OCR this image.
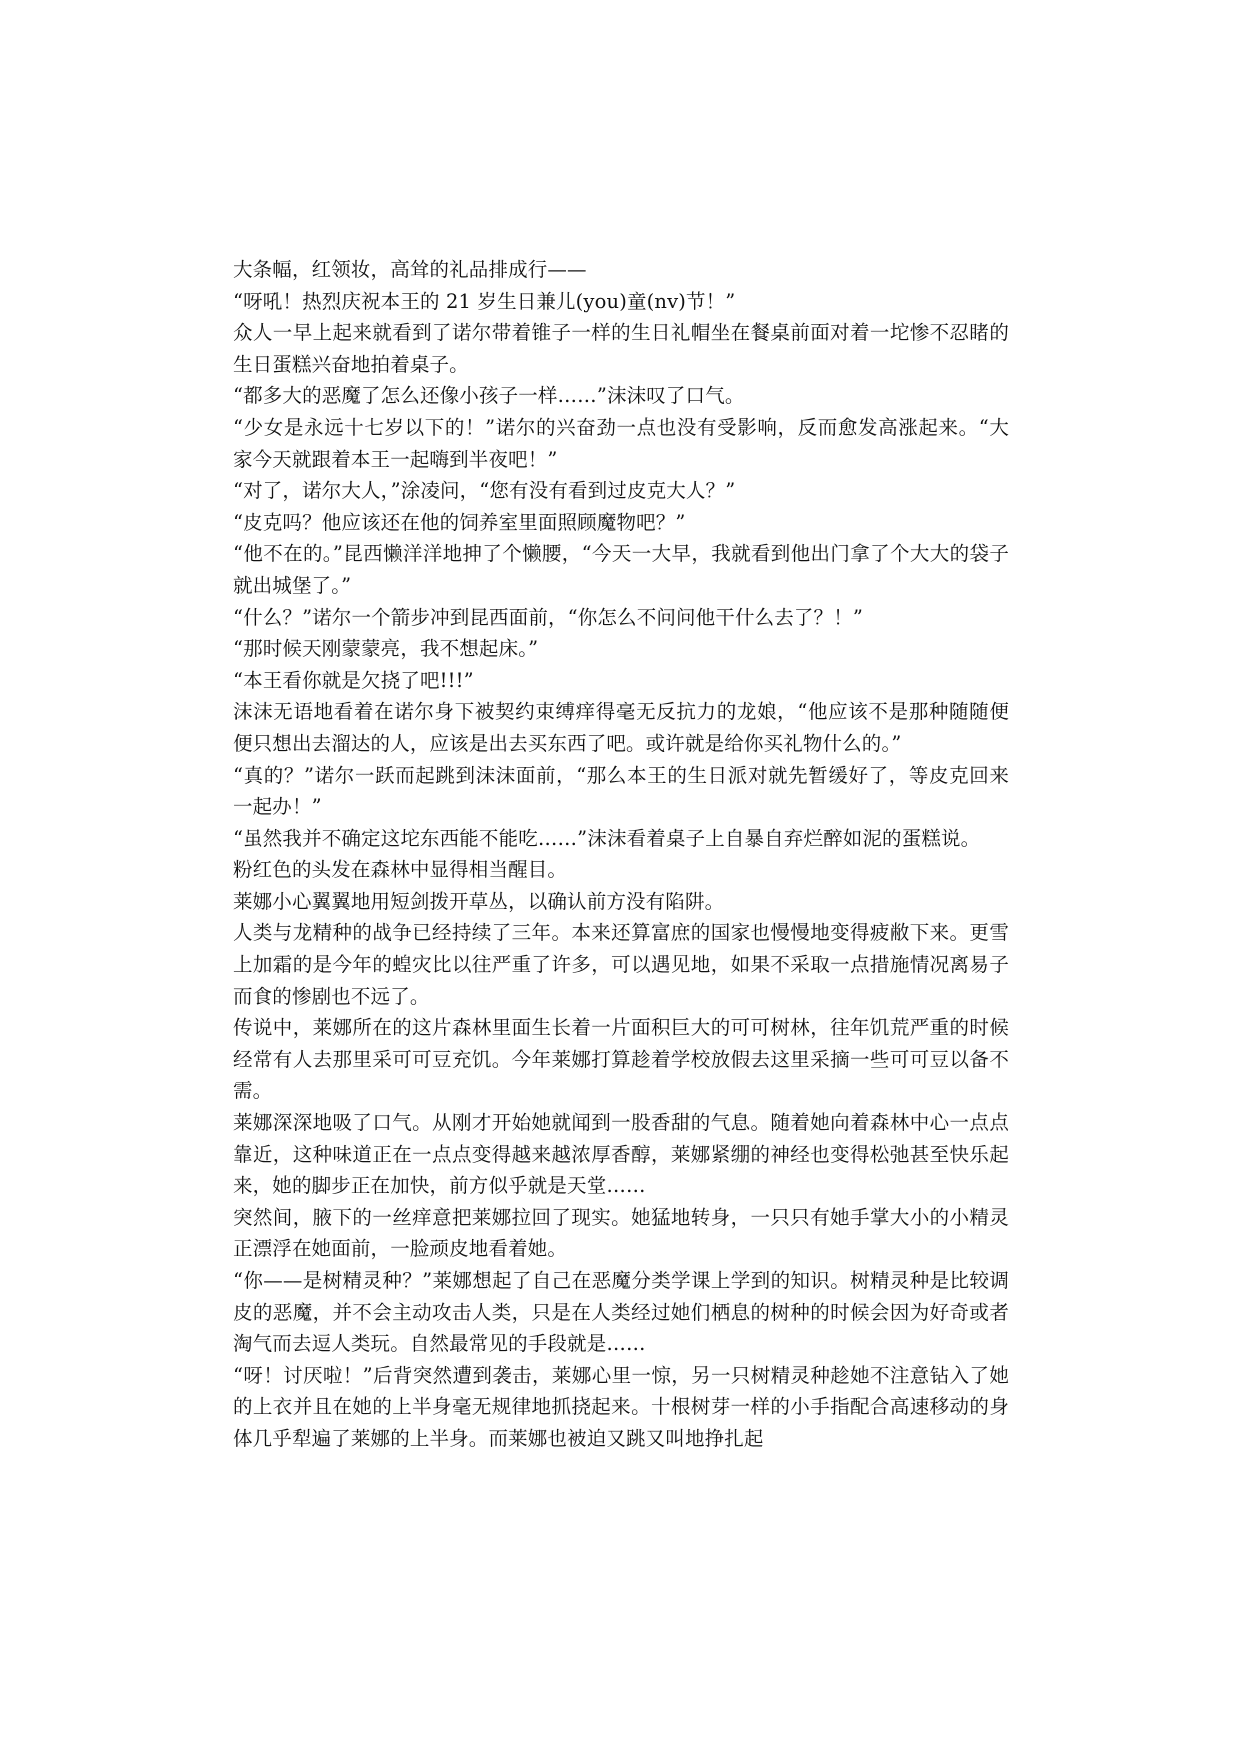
大条幅，红领妆，高耸的礼品排成行——

“呀吼！热烈庆祝本王的 21 岁生日兼儿(you)童(nv)节！”

众人一早上起来就看到了诺尔带着锥子一样的生日礼帽坐在餐桌前面对着一坨惨不忍睹的生日蛋糕兴奋地拍着桌子。

“都多大的恶魔了怎么还像小孩子一样……”沫沫叹了口气。

“少女是永远十七岁以下的！”诺尔的兴奋劲一点也没有受影响，反而愈发高涨起来。“大家今天就跟着本王一起嗨到半夜吧！”

“对了，诺尔大人，”涂凌问，“您有没有看到过皮克大人？”

“皮克吗？他应该还在他的饲养室里面照顾魔物吧？”

“他不在的。”昆西懒洋洋地抻了个懒腰，“今天一大早，我就看到他出门拿了个大大的袋子就出城堡了。”

“什么？”诺尔一个箭步冲到昆西面前，“你怎么不问问他干什么去了？！”

“那时候天刚蒙蒙亮，我不想起床。”

“本王看你就是欠挠了吧!!!”

沫沫无语地看着在诺尔身下被契约束缚痒得毫无反抗力的龙娘，“他应该不是那种随随便便只想出去溜达的人，应该是出去买东西了吧。或许就是给你买礼物什么的。”

“真的？”诺尔一跃而起跳到沫沫面前，“那么本王的生日派对就先暂缓好了，等皮克回来一起办！”

“虽然我并不确定这坨东西能不能吃……”沫沫看着桌子上自暴自弃烂醉如泥的蛋糕说。

粉红色的头发在森林中显得相当醒目。

莱娜小心翼翼地用短剑拨开草丛，以确认前方没有陷阱。

人类与龙精种的战争已经持续了三年。本来还算富庶的国家也慢慢地变得疲敝下来。更雪上加霜的是今年的蝗灾比以往严重了许多，可以遇见地，如果不采取一点措施情况离易子而食的惨剧也不远了。

传说中，莱娜所在的这片森林里面生长着一片面积巨大的可可树林，往年饥荒严重的时候经常有人去那里采可可豆充饥。今年莱娜打算趁着学校放假去这里采摘一些可可豆以备不需。

莱娜深深地吸了口气。从刚才开始她就闻到一股香甜的气息。随着她向着森林中心一点点靠近，这种味道正在一点点变得越来越浓厚香醇，莱娜紧绷的神经也变得松弛甚至快乐起来，她的脚步正在加快，前方似乎就是天堂……

突然间，腋下的一丝痒意把莱娜拉回了现实。她猛地转身，一只只有她手掌大小的小精灵正漂浮在她面前，一脸顽皮地看着她。

“你——是树精灵种？”莱娜想起了自己在恶魔分类学课上学到的知识。树精灵种是比较调皮的恶魔，并不会主动攻击人类，只是在人类经过她们栖息的树种的时候会因为好奇或者淘气而去逗人类玩。自然最常见的手段就是……

“呀！讨厌啦！”后背突然遭到袭击，莱娜心里一惊，另一只树精灵种趁她不注意钻入了她的上衣并且在她的上半身毫无规律地抓挠起来。十根树芽一样的小手指配合高速移动的身体几乎犁遍了莱娜的上半身。而莱娜也被迫又跳又叫地挣扎起
